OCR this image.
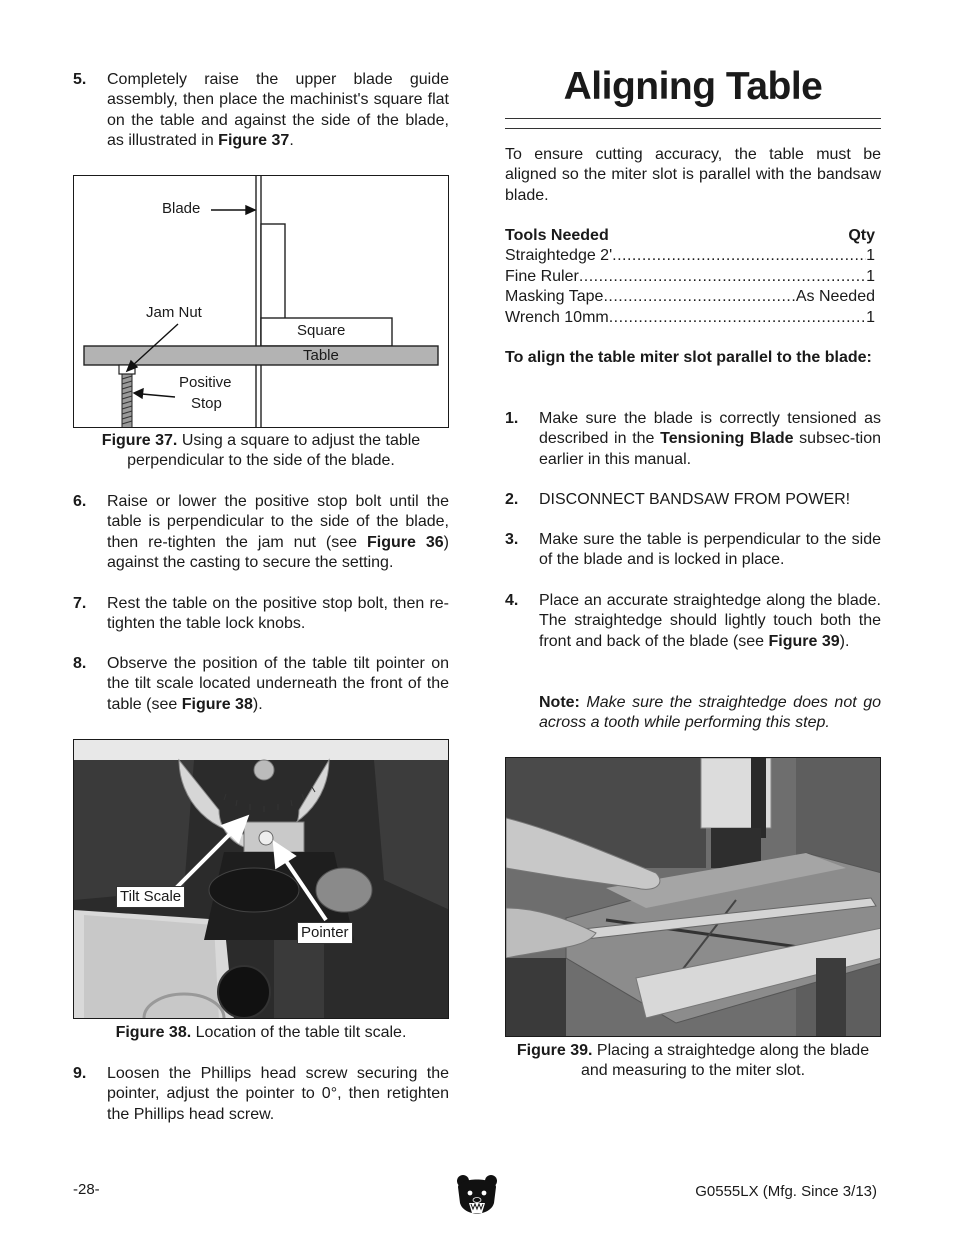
5.	Completely raise the upper blade guide assembly, then place the machinist's square flat on the table and against the side of the blade, as illustrated in Figure 37.
Blade
Jam Nut
Square
Table
Positive
Stop
Figure 37. Using a square to adjust the table perpendicular to the side of the blade.
6.	Raise or lower the positive stop bolt until the table is perpendicular to the side of the blade, then re-tighten the jam nut (see Figure 36) against the casting to secure the setting.
7.	Rest the table on the positive stop bolt, then re-tighten the table lock knobs.
8.	Observe the position of the table tilt pointer on the tilt scale located underneath the front of the table (see Figure 38).
Tilt Scale
Pointer
Figure 38. Location of the table tilt scale.
9.	Loosen the Phillips head screw securing the pointer, adjust the pointer to 0°, then retighten the Phillips head screw.
Aligning Table
To ensure cutting accuracy, the table must be aligned so the miter slot is parallel with the bandsaw blade.
Tools Needed	Qty
Straightedge 2' .....	1
Fine Ruler .....	1
Masking Tape .....	As Needed
Wrench 10mm .....	1
To align the table miter slot parallel to the blade:
1.	Make sure the blade is correctly tensioned as described in the Tensioning Blade subsec-tion earlier in this manual.
2.	DISCONNECT BANDSAW FROM POWER!
3.	Make sure the table is perpendicular to the side of the blade and is locked in place.
4.	Place an accurate straightedge along the blade. The straightedge should lightly touch both the front and back of the blade (see Figure 39).
Note: Make sure the straightedge does not go across a tooth while performing this step.
Figure 39. Placing a straightedge along the blade and measuring to the miter slot.
-28-	G0555LX (Mfg. Since 3/13)
